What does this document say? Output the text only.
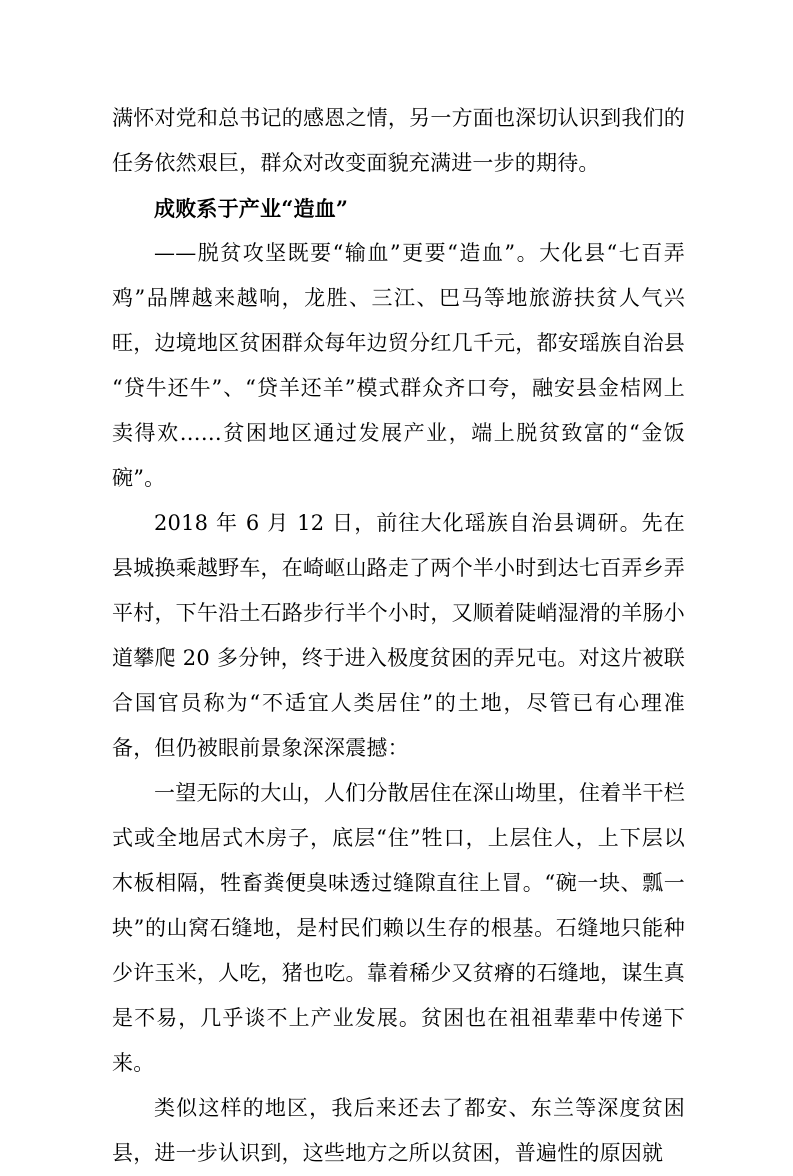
满怀对党和总书记的感恩之情，另一方面也深切认识到我们的任务依然艰巨，群众对改变面貌充满进一步的期待。

成败系于产业“造血”

——脱贫攻坚既要“输血”更要“造血”。大化县“七百弄鸡”品牌越来越响，龙胜、三江、巴马等地旅游扶贫人气兴旺，边境地区贫困群众每年边贸分红几千元，都安瑶族自治县“贷牛还牛”、“贷羊还羊”模式群众齐口夸，融安县金桔网上卖得欢……贫困地区通过发展产业，端上脱贫致富的“金饭碗”。

2018 年 6 月 12 日，前往大化瑶族自治县调研。先在县城换乘越野车，在崎岖山路走了两个半小时到达七百弄乡弄平村，下午沿土石路步行半个小时，又顺着陡峭湿滑的羊肠小道攀爬 20 多分钟，终于进入极度贫困的弄兄屯。对这片被联合国官员称为“不适宜人类居住”的土地，尽管已有心理准备，但仍被眼前景象深深震撼：

一望无际的大山，人们分散居住在深山坳里，住着半干栏式或全地居式木房子，底层“住”牲口，上层住人，上下层以木板相隔，牲畜粪便臭味透过缝隙直往上冒。“碗一块、瓢一块”的山窝石缝地，是村民们赖以生存的根基。石缝地只能种少许玉米，人吃，猪也吃。靠着稀少又贫瘠的石缝地，谋生真是不易，几乎谈不上产业发展。贫困也在祖祖辈辈中传递下来。

类似这样的地区，我后来还去了都安、东兰等深度贫困县，进一步认识到，这些地方之所以贫困，普遍性的原因就
